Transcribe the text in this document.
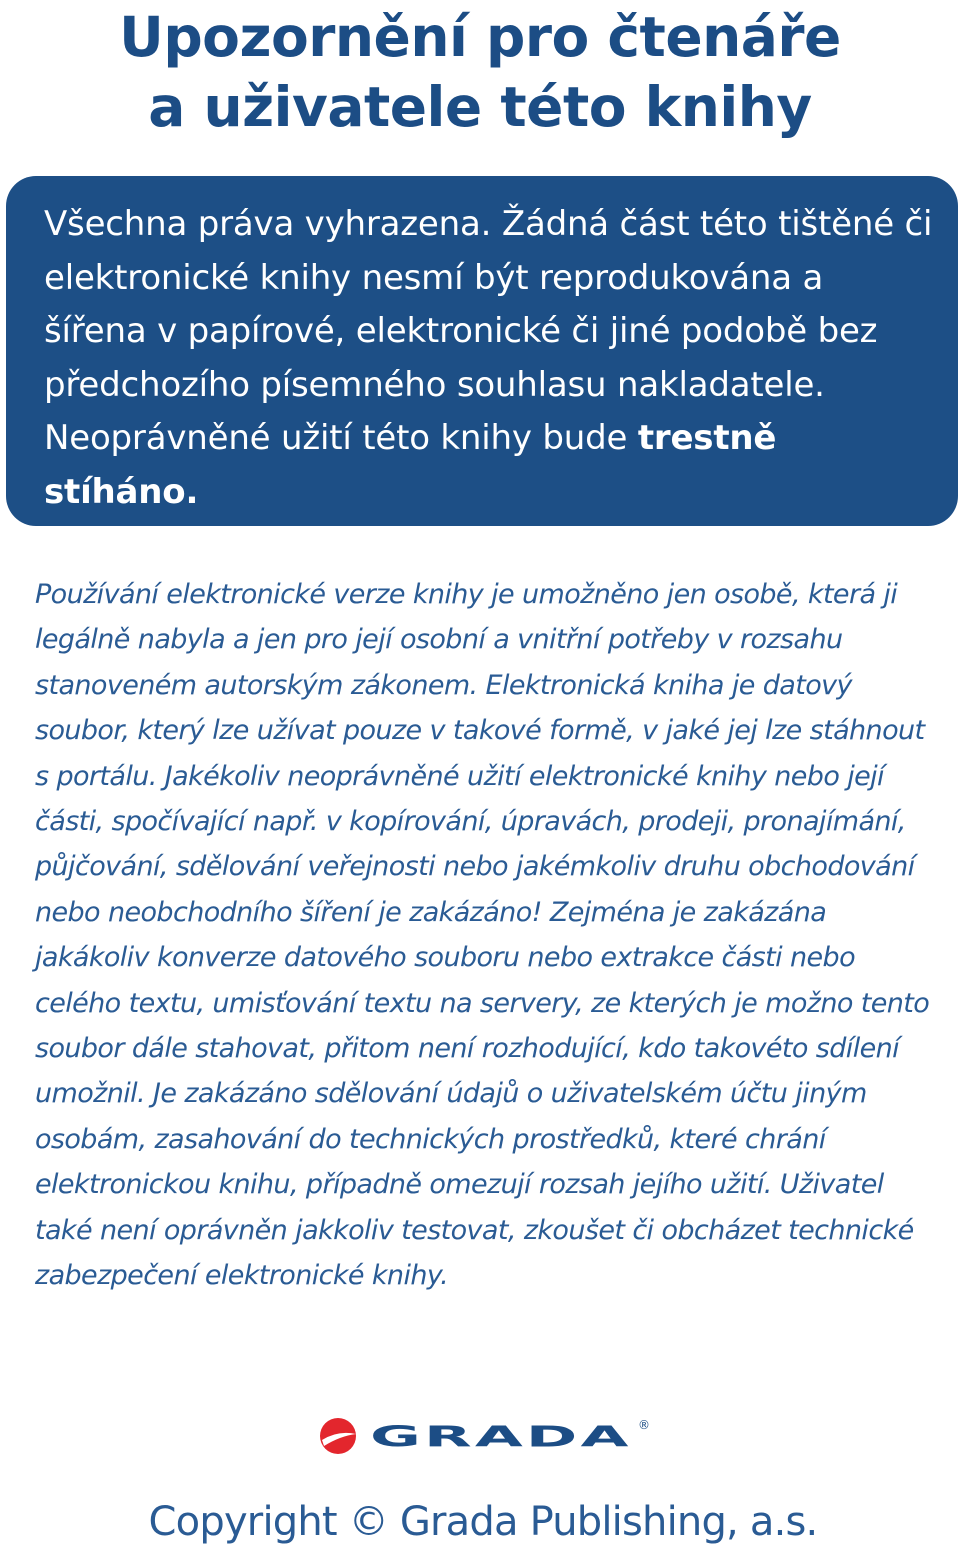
Upozornění pro čtenáře
a uživatele této knihy

Všechna práva vyhrazena. Žádná část této tištěné či elektronické knihy nesmí být reprodukována a šířena v papírové, elektronické či jiné podobě bez předchozího písemného souhlasu nakladatele. Neoprávněné užití této knihy bude trestně stíháno.

Používání elektronické verze knihy je umožněno jen osobě, která ji legálně nabyla a jen pro její osobní a vnitřní potřeby v rozsahu stanoveném autorským zákonem. Elektronická kniha je datový soubor, který lze užívat pouze v takové formě, v jaké jej lze stáhnout s portálu. Jakékoliv neoprávněné užití elektronické knihy nebo její části, spočívající např. v kopírování, úpravách, prodeji, pronajímání, půjčování, sdělování veřejnosti nebo jakémkoliv druhu obchodování nebo neobchodního šíření je zakázáno! Zejména je zakázána jakákoliv konverze datového souboru nebo extrakce části nebo celého textu, umisťování textu na servery, ze kterých je možno tento soubor dále stahovat, přitom není rozhodující, kdo takovéto sdílení umožnil. Je zakázáno sdělování údajů o uživatelském účtu jiným osobám, zasahování do technických prostředků, které chrání elektronickou knihu, případně omezují rozsah jejího užití. Uživatel také není oprávněn jakkoliv testovat, zkoušet či obcházet technické zabezpečení elektronické knihy.

GRADA ®

Copyright © Grada Publishing, a.s.
